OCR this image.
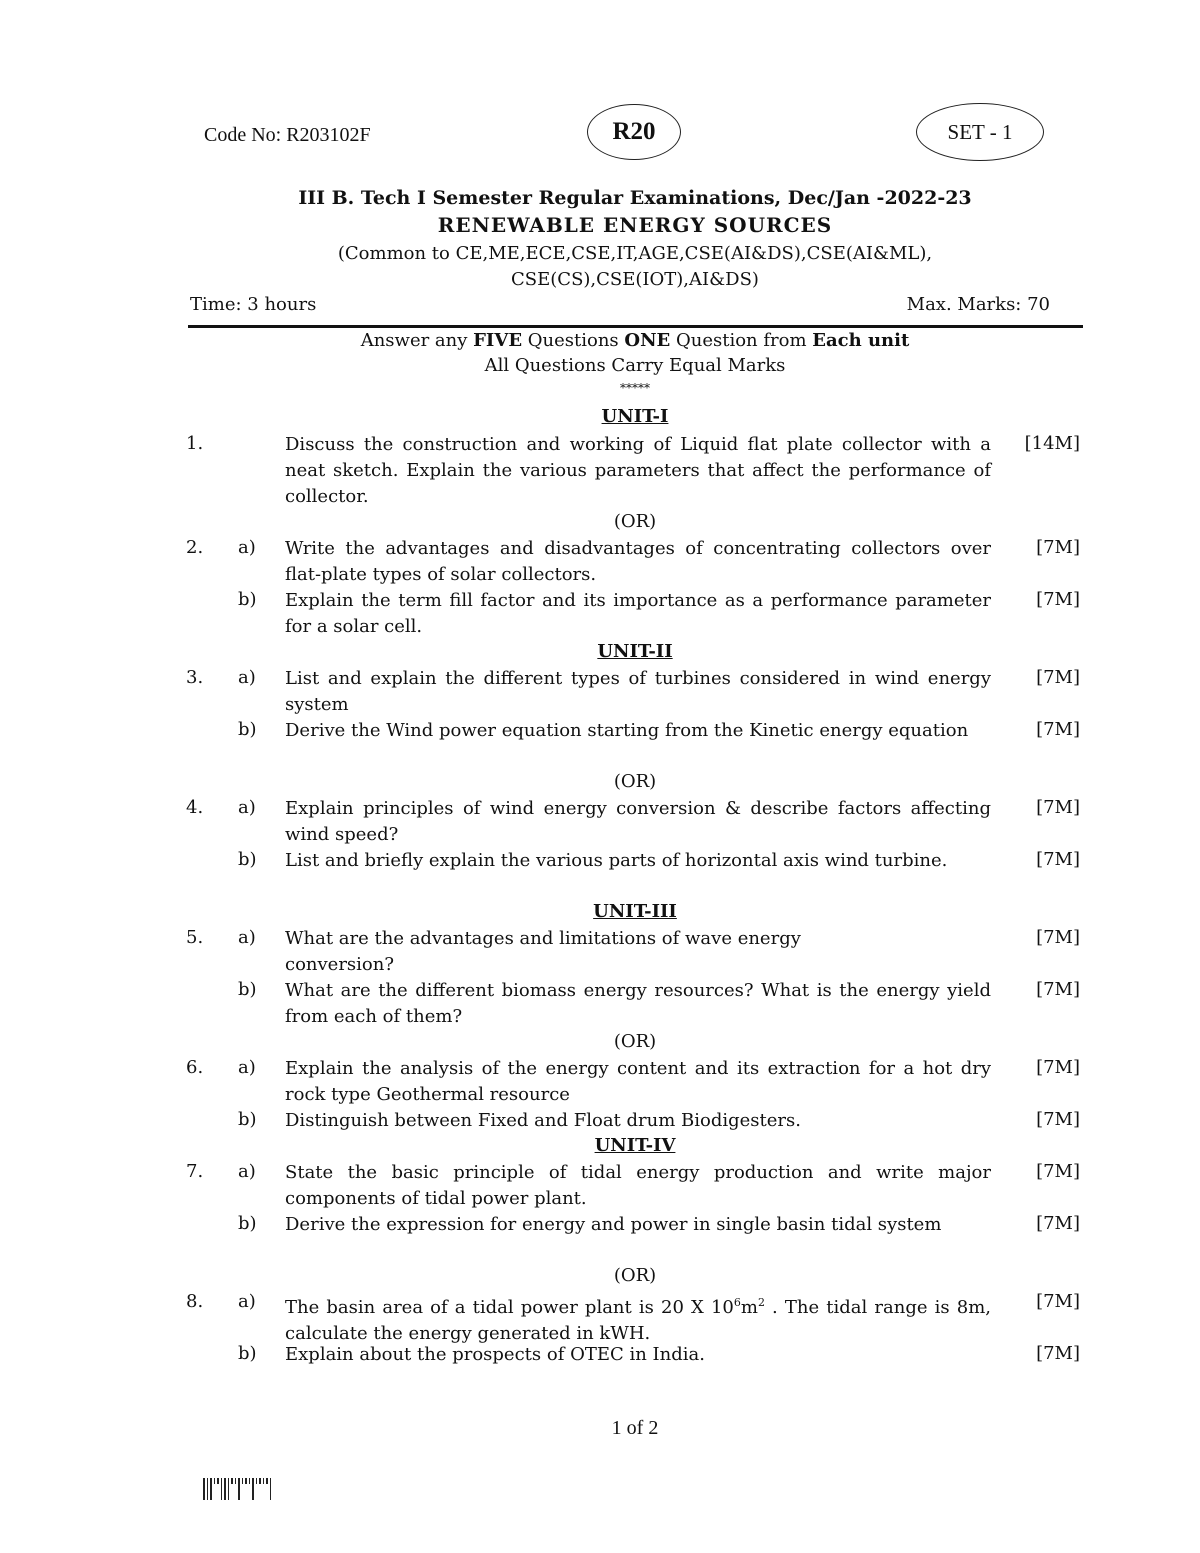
Code No: R203102F	R20	SET - 1
III B. Tech I Semester Regular Examinations, Dec/Jan -2022-23
RENEWABLE ENERGY SOURCES
(Common to CE,ME,ECE,CSE,IT,AGE,CSE(AI&DS),CSE(AI&ML),
CSE(CS),CSE(IOT),AI&DS)
Time: 3 hours	Max. Marks: 70
Answer any FIVE Questions ONE Question from Each unit
All Questions Carry Equal Marks
*****
UNIT-I
1.	Discuss the construction and working of Liquid flat plate collector with a neat sketch. Explain the various parameters that affect the performance of collector.
[14M]
(OR)
2.	a)	Write the advantages and disadvantages of concentrating collectors over flat-plate types of solar collectors.
[7M]
b)	Explain the term fill factor and its importance as a performance parameter for a solar cell.
[7M]
UNIT-II
3.	a)	List and explain the different types of turbines considered in wind energy system
[7M]
b)	Derive the Wind power equation starting from the Kinetic energy equation	[7M]
(OR)
4.	a)	Explain principles of wind energy conversion & describe factors affecting wind speed?
[7M]
b)	List and briefly explain the various parts of horizontal axis wind turbine.	[7M]
UNIT-III
5.	a)	What are the advantages and limitations of wave energy conversion?
[7M]
b)	What are the different biomass energy resources? What is the energy yield from each of them?
[7M]
(OR)
6.	a)	Explain the analysis of the energy content and its extraction for a hot dry rock type Geothermal resource
[7M]
b)	Distinguish between Fixed and Float drum Biodigesters.	[7M]
UNIT-IV
7.	a)	State the basic principle of tidal energy production and write major components of tidal power plant.
[7M]
b)	Derive the expression for energy and power in single basin tidal system	[7M]
(OR)
8.	a)	The basin area of a tidal power plant is 20 X $10^6m^2$ . The tidal range is 8m, calculate the energy generated in kWH.
[7M]
b)	Explain about the prospects of OTEC in India.	[7M]
1 of 2
